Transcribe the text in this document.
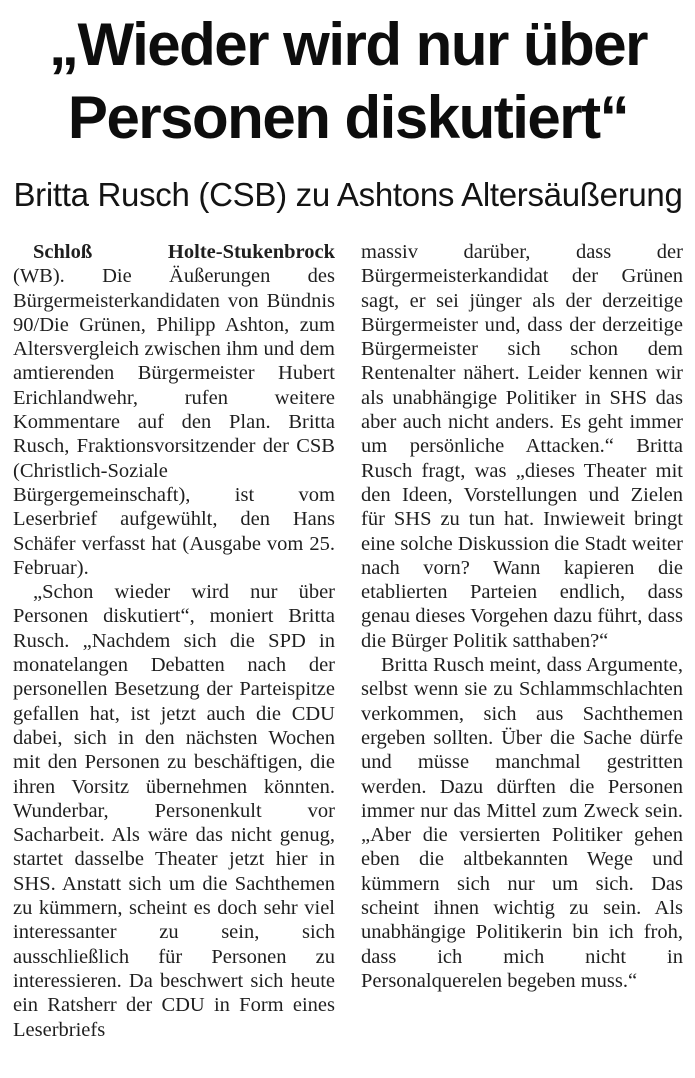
„Wieder wird nur über
Personen diskutiert“
Britta Rusch (CSB) zu Ashtons Altersäußerung

Schloß Holte-Stukenbrock
(WB). Die Äußerungen des Bürgermeisterkandidaten von Bündnis 90/Die Grünen, Philipp Ashton, zum Altersvergleich zwischen ihm und dem amtierenden Bürgermeister Hubert Erichlandwehr, rufen weitere Kommentare auf den Plan. Britta Rusch, Fraktionsvorsitzender der CSB (Christlich-Soziale Bürgergemeinschaft), ist vom Leserbrief aufgewühlt, den Hans Schäfer verfasst hat (Ausgabe vom 25. Februar).

„Schon wieder wird nur über Personen diskutiert“, moniert Britta Rusch. „Nachdem sich die SPD in monatelangen Debatten nach der personellen Besetzung der Parteispitze gefallen hat, ist jetzt auch die CDU dabei, sich in den nächsten Wochen mit den Personen zu beschäftigen, die ihren Vorsitz übernehmen könnten. Wunderbar, Personenkult vor Sacharbeit. Als wäre das nicht genug, startet dasselbe Theater jetzt hier in SHS. Anstatt sich um die Sachthemen zu kümmern, scheint es doch sehr viel interessanter zu sein, sich ausschließlich für Personen zu interessieren. Da beschwert sich heute ein Ratsherr der CDU in Form eines Leserbriefs

massiv darüber, dass der Bürgermeisterkandidat der Grünen sagt, er sei jünger als der derzeitige Bürgermeister und, dass der derzeitige Bürgermeister sich schon dem Rentenalter nähert. Leider kennen wir als unabhängige Politiker in SHS das aber auch nicht anders. Es geht immer um persönliche Attacken.“ Britta Rusch fragt, was „dieses Theater mit den Ideen, Vorstellungen und Zielen für SHS zu tun hat. Inwieweit bringt eine solche Diskussion die Stadt weiter nach vorn? Wann kapieren die etablierten Parteien endlich, dass genau dieses Vorgehen dazu führt, dass die Bürger Politik satthaben?“

Britta Rusch meint, dass Argumente, selbst wenn sie zu Schlammschlachten verkommen, sich aus Sachthemen ergeben sollten. Über die Sache dürfe und müsse manchmal gestritten werden. Dazu dürften die Personen immer nur das Mittel zum Zweck sein. „Aber die versierten Politiker gehen eben die altbekannten Wege und kümmern sich nur um sich. Das scheint ihnen wichtig zu sein. Als unabhängige Politikerin bin ich froh, dass ich mich nicht in Personalquerelen begeben muss.“
